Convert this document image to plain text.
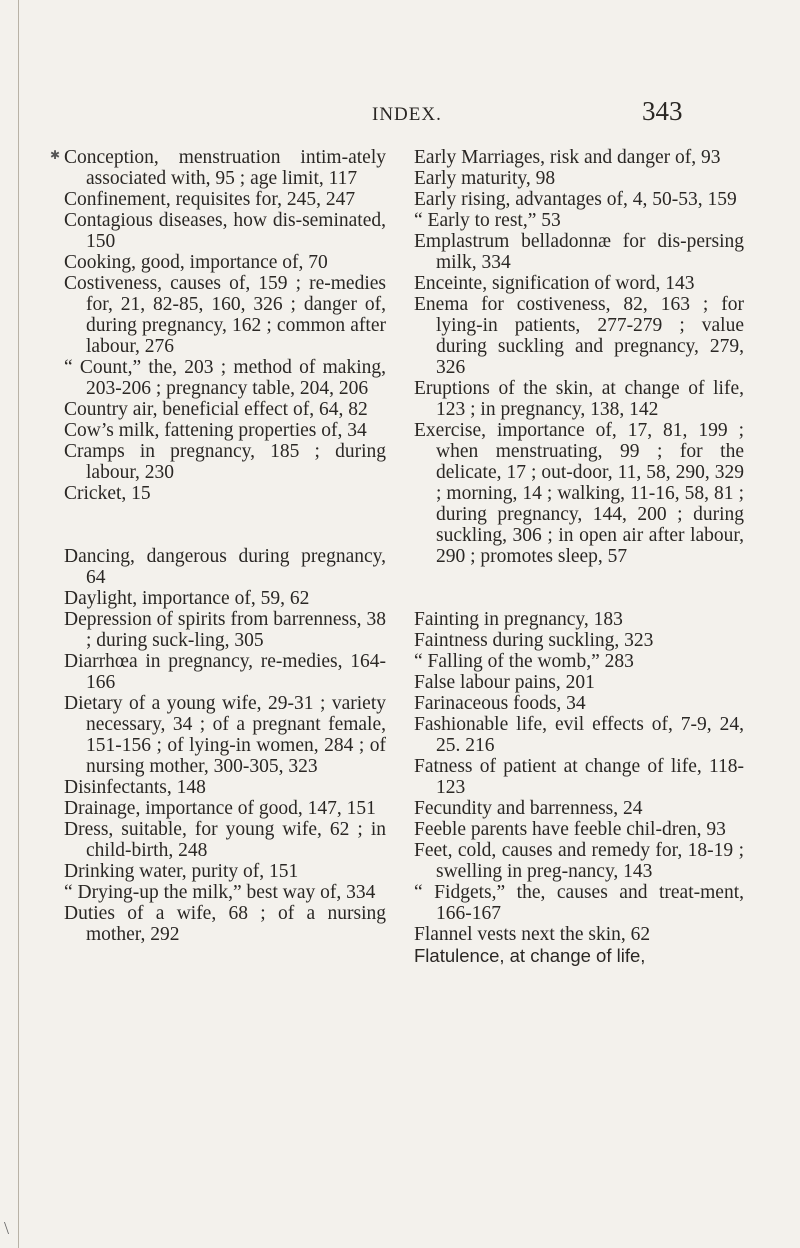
✱
\
INDEX.	343
Conception, menstruation intim-ately associated with, 95 ; age limit, 117
Confinement, requisites for, 245, 247
Contagious diseases, how dis-seminated, 150
Cooking, good, importance of, 70
Costiveness, causes of, 159 ; re-medies for, 21, 82-85, 160, 326 ; danger of, during pregnancy, 162 ; common after labour, 276
“ Count,” the, 203 ; method of making, 203-206 ; pregnancy table, 204, 206
Country air, beneficial effect of, 64, 82
Cow’s milk, fattening properties of, 34
Cramps in pregnancy, 185 ; during labour, 230
Cricket, 15
Dancing, dangerous during pregnancy, 64
Daylight, importance of, 59, 62
Depression of spirits from barrenness, 38 ; during suck-ling, 305
Diarrhœa in pregnancy, re-medies, 164-166
Dietary of a young wife, 29-31 ; variety necessary, 34 ; of a pregnant female, 151-156 ; of lying-in women, 284 ; of nursing mother, 300-305, 323
Disinfectants, 148
Drainage, importance of good, 147, 151
Dress, suitable, for young wife, 62 ; in child-birth, 248
Drinking water, purity of, 151
“ Drying-up the milk,” best way of, 334
Duties of a wife, 68 ; of a nursing mother, 292
Early Marriages, risk and danger of, 93
Early maturity, 98
Early rising, advantages of, 4, 50-53, 159
“ Early to rest,” 53
Emplastrum belladonnæ for dis-persing milk, 334
Enceinte, signification of word, 143
Enema for costiveness, 82, 163 ; for lying-in patients, 277-279 ; value during suckling and pregnancy, 279, 326
Eruptions of the skin, at change of life, 123 ; in pregnancy, 138, 142
Exercise, importance of, 17, 81, 199 ; when menstruating, 99 ; for the delicate, 17 ; out-door, 11, 58, 290, 329 ; morning, 14 ; walking, 11-16, 58, 81 ; during pregnancy, 144, 200 ; during suckling, 306 ; in open air after labour, 290 ; promotes sleep, 57
Fainting in pregnancy, 183
Faintness during suckling, 323
“ Falling of the womb,” 283
False labour pains, 201
Farinaceous foods, 34
Fashionable life, evil effects of, 7-9, 24, 25. 216
Fatness of patient at change of life, 118-123
Fecundity and barrenness, 24
Feeble parents have feeble chil-dren, 93
Feet, cold, causes and remedy for, 18-19 ; swelling in preg-nancy, 143
“ Fidgets,” the, causes and treat-ment, 166-167
Flannel vests next the skin, 62
Flatulence, at change of life,
